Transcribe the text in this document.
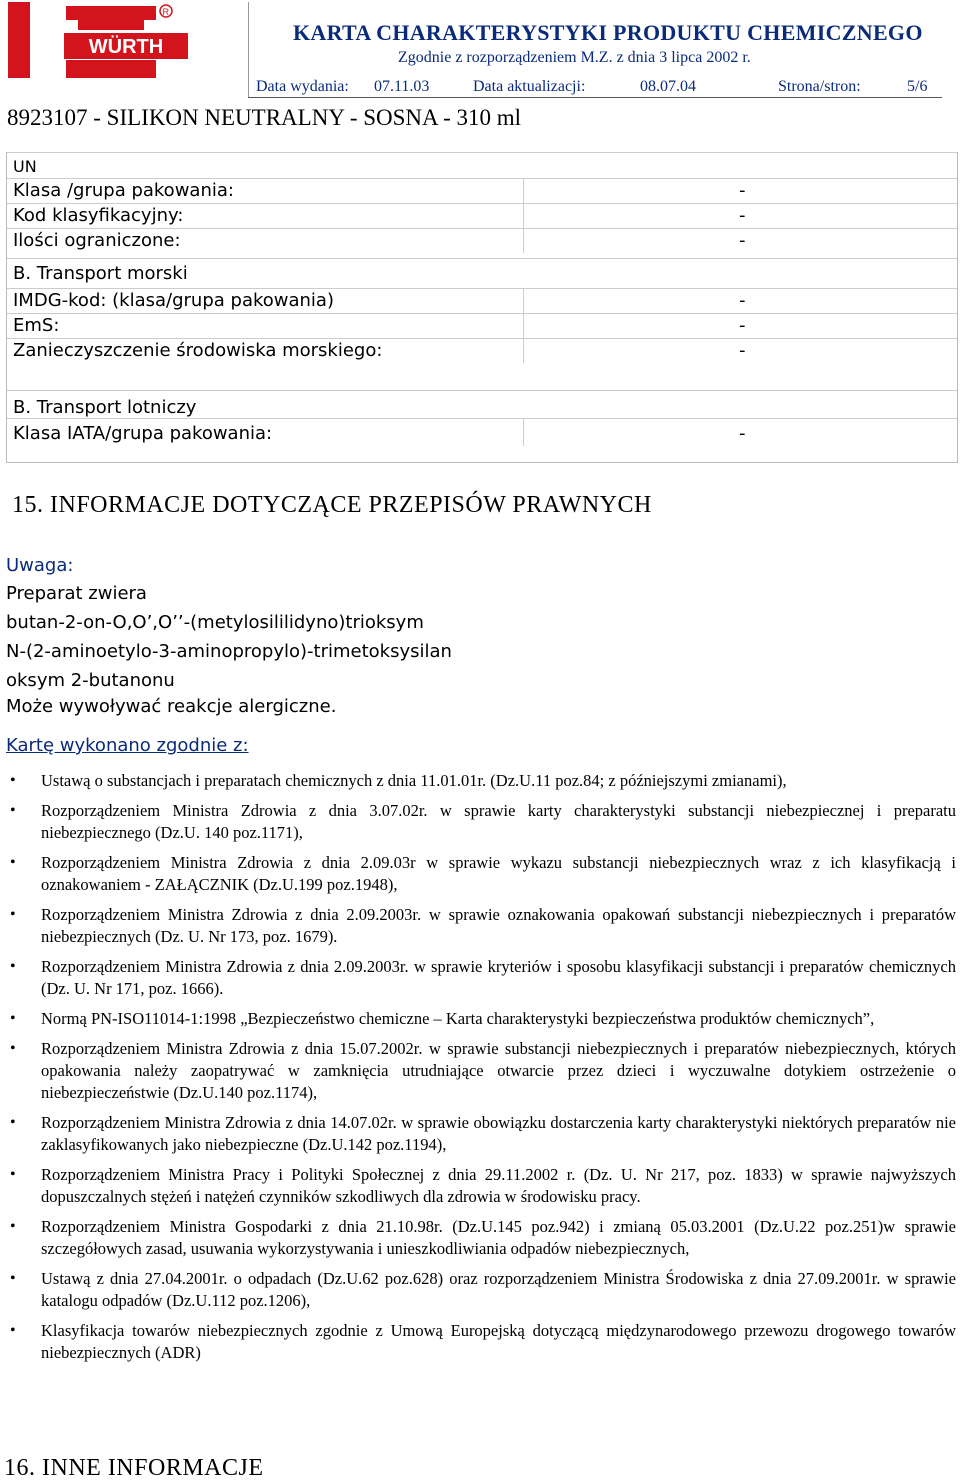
R
WÜRTH
KARTA CHARAKTERYSTYKI PRODUKTU CHEMICZNEGO
Zgodnie z rozporządzeniem M.Z. z dnia 3 lipca 2002 r.
Data wydania: 07.11.03	Data aktualizacji:	08.07.04	Strona/stron:	5/6
8923107 - SILIKON NEUTRALNY - SOSNA - 310 ml
UN
Klasa /grupa pakowania:	-
Kod klasyfikacyjny:	-
Ilości ograniczone:	-
B. Transport morski
IMDG-kod: (klasa/grupa pakowania)	-
EmS:	-
Zanieczyszczenie środowiska morskiego:	-
B. Transport lotniczy
Klasa IATA/grupa pakowania:	-
15. INFORMACJE DOTYCZĄCE PRZEPISÓW PRAWNYCH
Uwaga:
Preparat zwiera
butan-2-on-O,O’,O’’-(metylosililidyno)trioksym
N-(2-aminoetylo-3-aminopropylo)-trimetoksysilan
oksym 2-butanonu
Może wywoływać reakcje alergiczne.
Kartę wykonano zgodnie z:
• Ustawą o substancjach i preparatach chemicznych z dnia 11.01.01r. (Dz.U.11 poz.84; z późniejszymi zmianami),
• Rozporządzeniem Ministra Zdrowia z dnia 3.07.02r. w sprawie karty charakterystyki substancji niebezpiecznej i preparatu niebezpiecznego (Dz.U. 140 poz.1171),
• Rozporządzeniem Ministra Zdrowia z dnia 2.09.03r w sprawie wykazu substancji niebezpiecznych wraz z ich klasyfikacją i oznakowaniem - ZAŁĄCZNIK (Dz.U.199 poz.1948),
• Rozporządzeniem Ministra Zdrowia z dnia 2.09.2003r. w sprawie oznakowania opakowań substancji niebezpiecznych i preparatów niebezpiecznych (Dz. U. Nr 173, poz. 1679).
• Rozporządzeniem Ministra Zdrowia z dnia 2.09.2003r. w sprawie kryteriów i sposobu klasyfikacji substancji i preparatów chemicznych (Dz. U. Nr 171, poz. 1666).
• Normą PN-ISO11014-1:1998 „Bezpieczeństwo chemiczne – Karta charakterystyki bezpieczeństwa produktów chemicznych”,
• Rozporządzeniem Ministra Zdrowia z dnia 15.07.2002r. w sprawie substancji niebezpiecznych i preparatów niebezpiecznych, których opakowania należy zaopatrywać w zamknięcia utrudniające otwarcie przez dzieci i wyczuwalne dotykiem ostrzeżenie o niebezpieczeństwie (Dz.U.140 poz.1174),
• Rozporządzeniem Ministra Zdrowia z dnia 14.07.02r. w sprawie obowiązku dostarczenia karty charakterystyki niektórych preparatów nie zaklasyfikowanych jako niebezpieczne (Dz.U.142 poz.1194),
• Rozporządzeniem Ministra Pracy i Polityki Społecznej z dnia 29.11.2002 r. (Dz. U. Nr 217, poz. 1833) w sprawie najwyższych dopuszczalnych stężeń i natężeń czynników szkodliwych dla zdrowia w środowisku pracy.
• Rozporządzeniem Ministra Gospodarki z dnia 21.10.98r. (Dz.U.145 poz.942) i zmianą 05.03.2001 (Dz.U.22 poz.251)w sprawie szczegółowych zasad, usuwania wykorzystywania i unieszkodliwiania odpadów niebezpiecznych,
• Ustawą z dnia 27.04.2001r. o odpadach (Dz.U.62 poz.628) oraz rozporządzeniem Ministra Środowiska z dnia 27.09.2001r. w sprawie katalogu odpadów (Dz.U.112 poz.1206),
• Klasyfikacja towarów niebezpiecznych zgodnie z Umową Europejską dotyczącą międzynarodowego przewozu drogowego towarów niebezpiecznych (ADR)
16. INNE INFORMACJE
